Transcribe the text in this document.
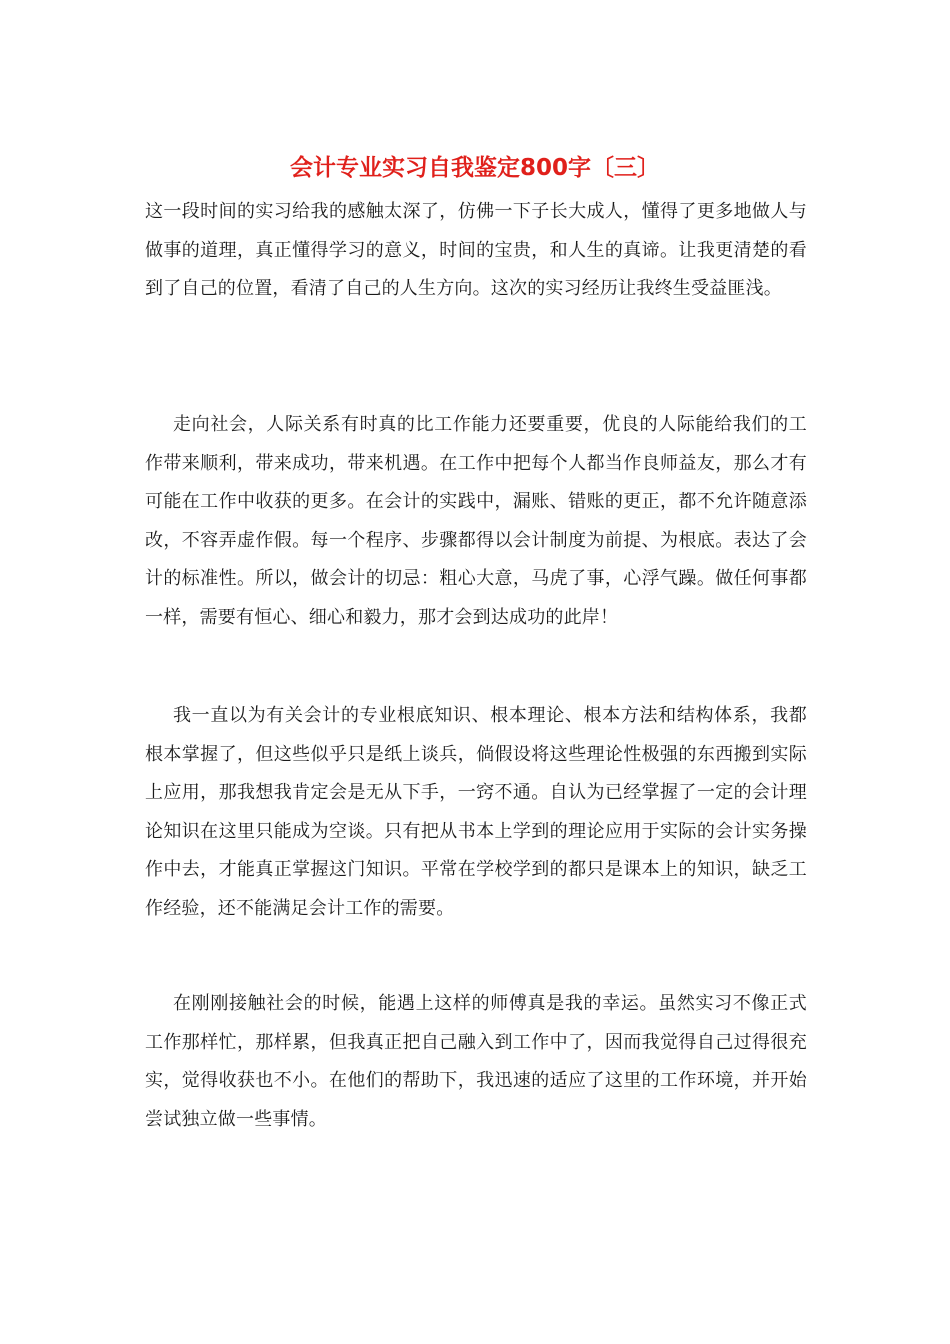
会计专业实习自我鉴定800字〔三〕

这一段时间的实习给我的感触太深了，仿佛一下子长大成人，懂得了更多地做人与做事的道理，真正懂得学习的意义，时间的宝贵，和人生的真谛。让我更清楚的看到了自己的位置，看清了自己的人生方向。这次的实习经历让我终生受益匪浅。

走向社会，人际关系有时真的比工作能力还要重要，优良的人际能给我们的工作带来顺利，带来成功，带来机遇。在工作中把每个人都当作良师益友，那么才有可能在工作中收获的更多。在会计的实践中，漏账、错账的更正，都不允许随意添改，不容弄虚作假。每一个程序、步骤都得以会计制度为前提、为根底。表达了会计的标准性。所以，做会计的切忌：粗心大意，马虎了事，心浮气躁。做任何事都一样，需要有恒心、细心和毅力，那才会到达成功的此岸！

我一直以为有关会计的专业根底知识、根本理论、根本方法和结构体系，我都根本掌握了，但这些似乎只是纸上谈兵，倘假设将这些理论性极强的东西搬到实际上应用，那我想我肯定会是无从下手，一窍不通。自认为已经掌握了一定的会计理论知识在这里只能成为空谈。只有把从书本上学到的理论应用于实际的会计实务操作中去，才能真正掌握这门知识。平常在学校学到的都只是课本上的知识，缺乏工作经验，还不能满足会计工作的需要。

在刚刚接触社会的时候，能遇上这样的师傅真是我的幸运。虽然实习不像正式工作那样忙，那样累，但我真正把自己融入到工作中了，因而我觉得自己过得很充实，觉得收获也不小。在他们的帮助下，我迅速的适应了这里的工作环境，并开始尝试独立做一些事情。
